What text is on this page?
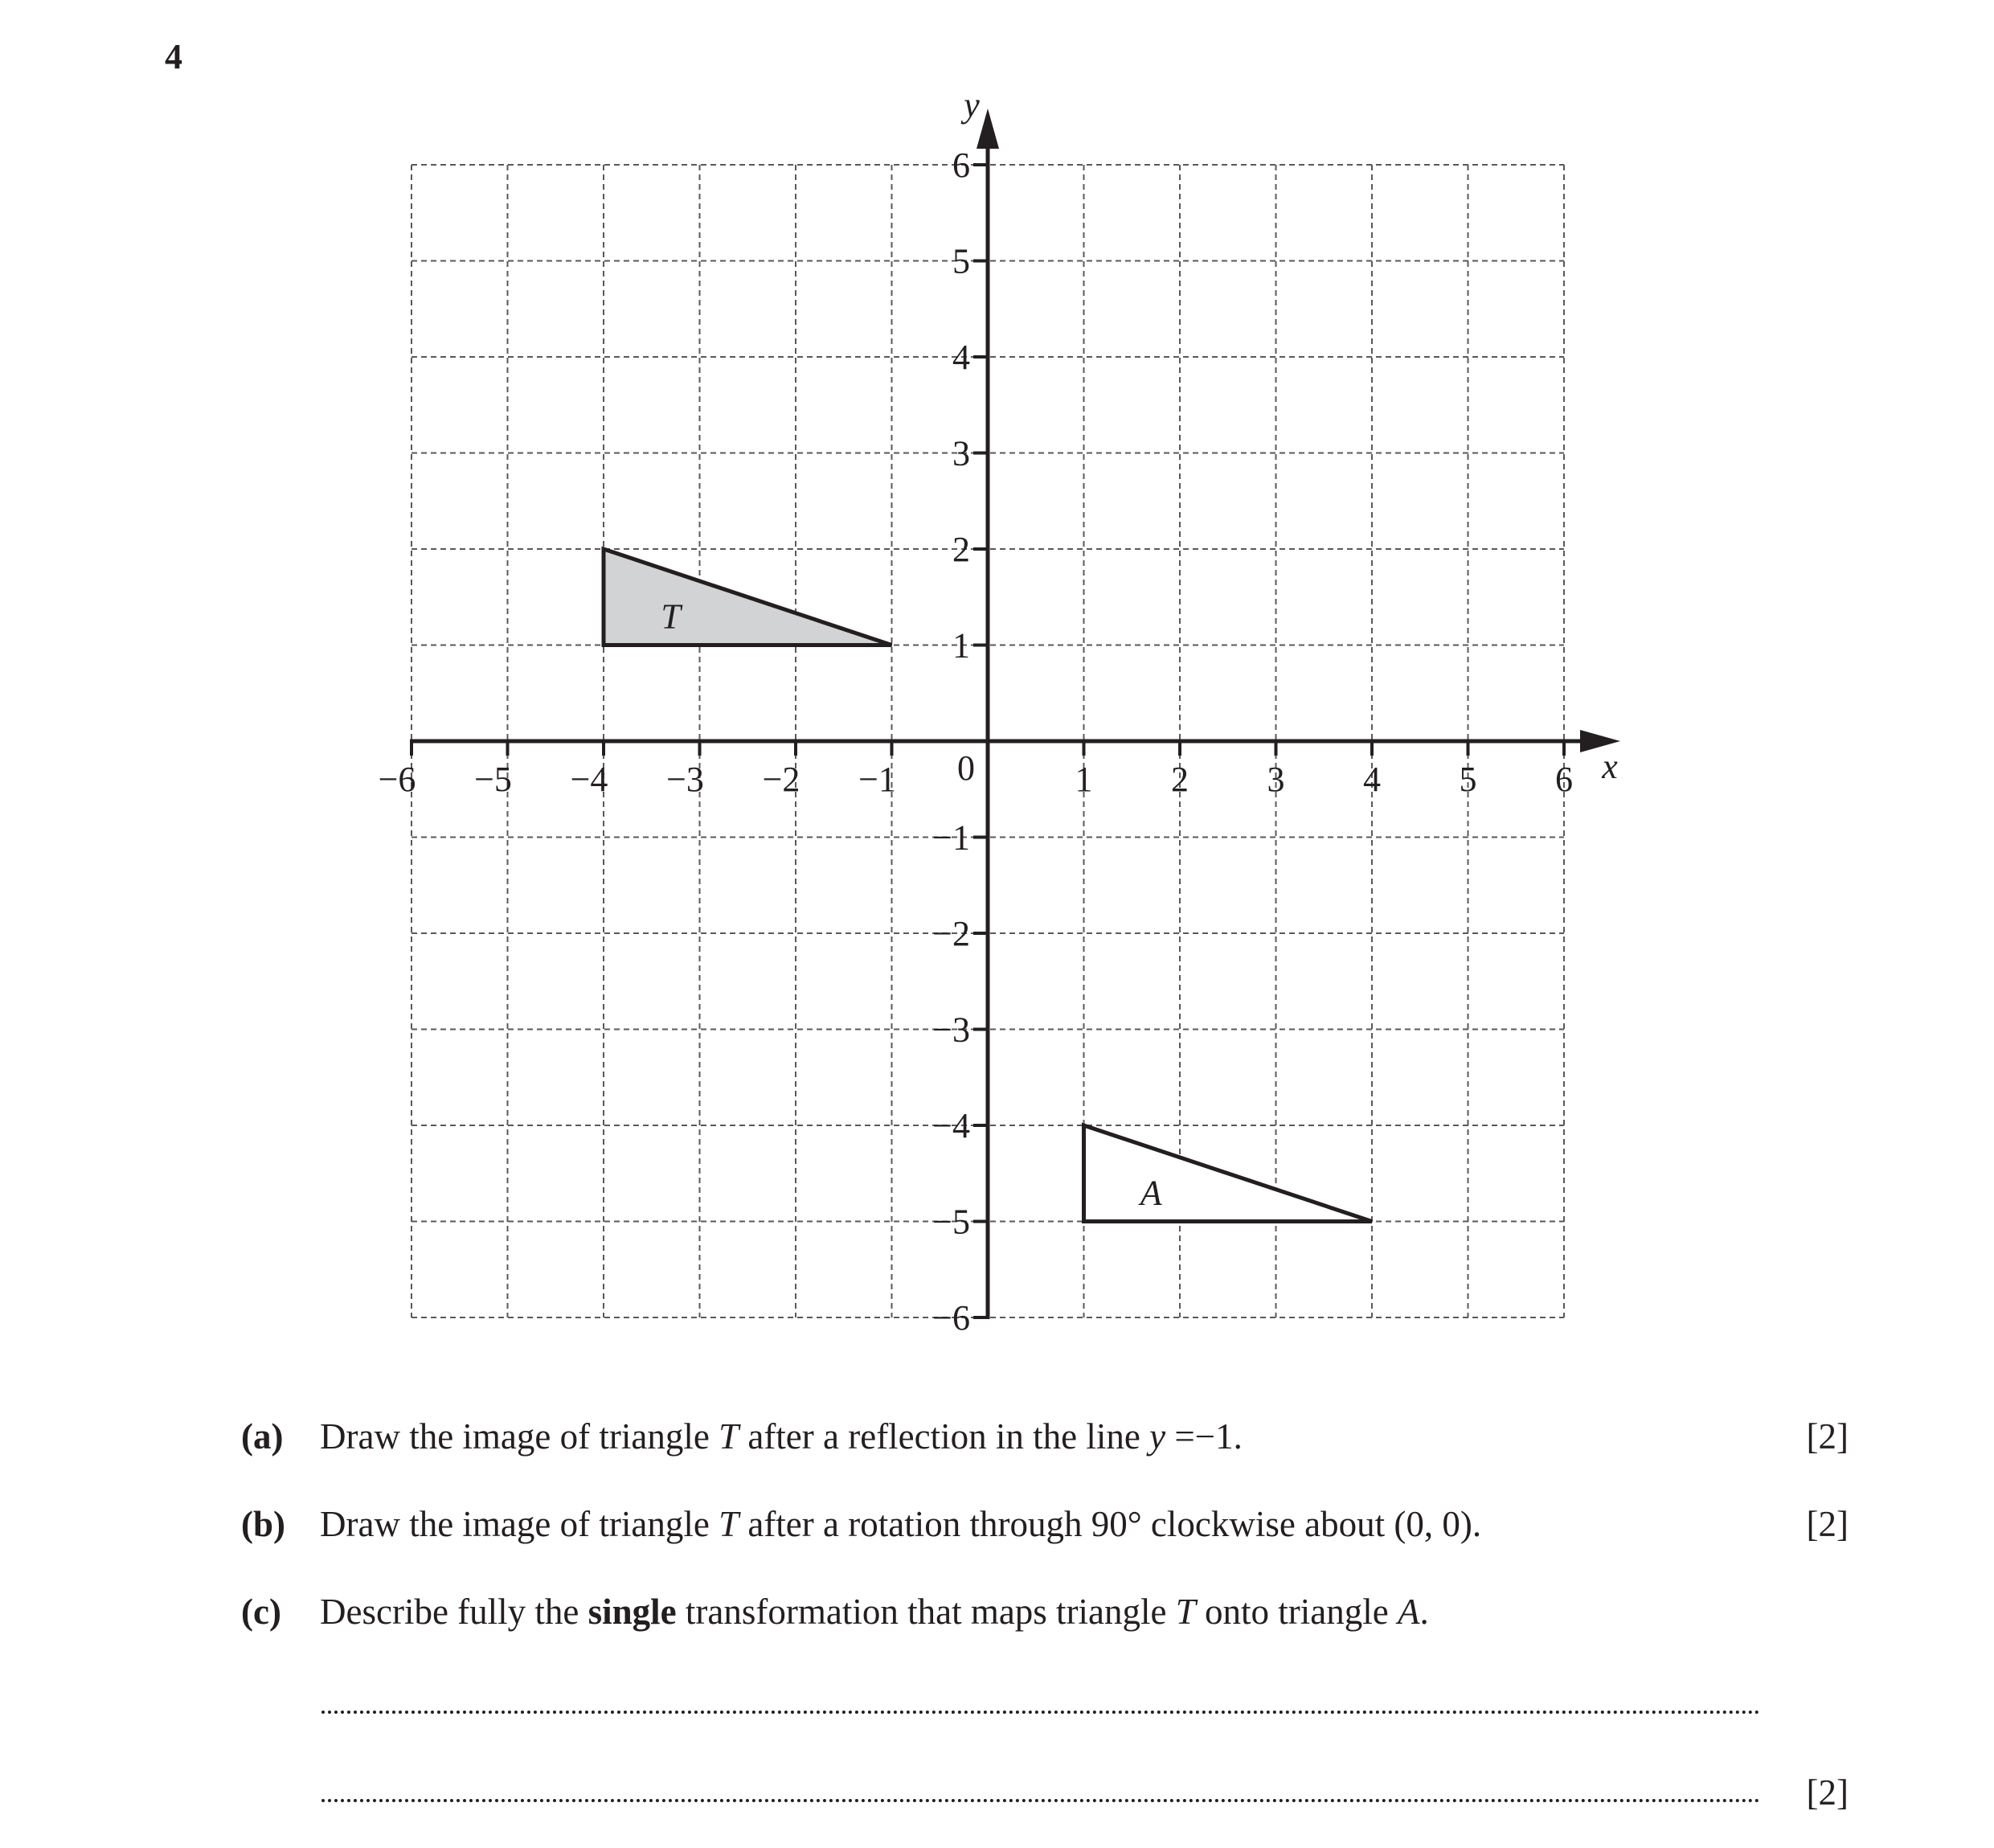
4
T
A
−6 −5 −4 −3 −2 −1	1 2 3 4 5 6
6
5
4
3
2
1
−1
−2
−3
−4
−5
−6
0	x
y
(a) Draw the image of triangle T after a reflection in the line y =−1.	[2]
(b) Draw the image of triangle T after a rotation through 90° clockwise about (0, 0).	[2]
(c) Describe fully the single transformation that maps triangle T onto triangle A.
[2]
